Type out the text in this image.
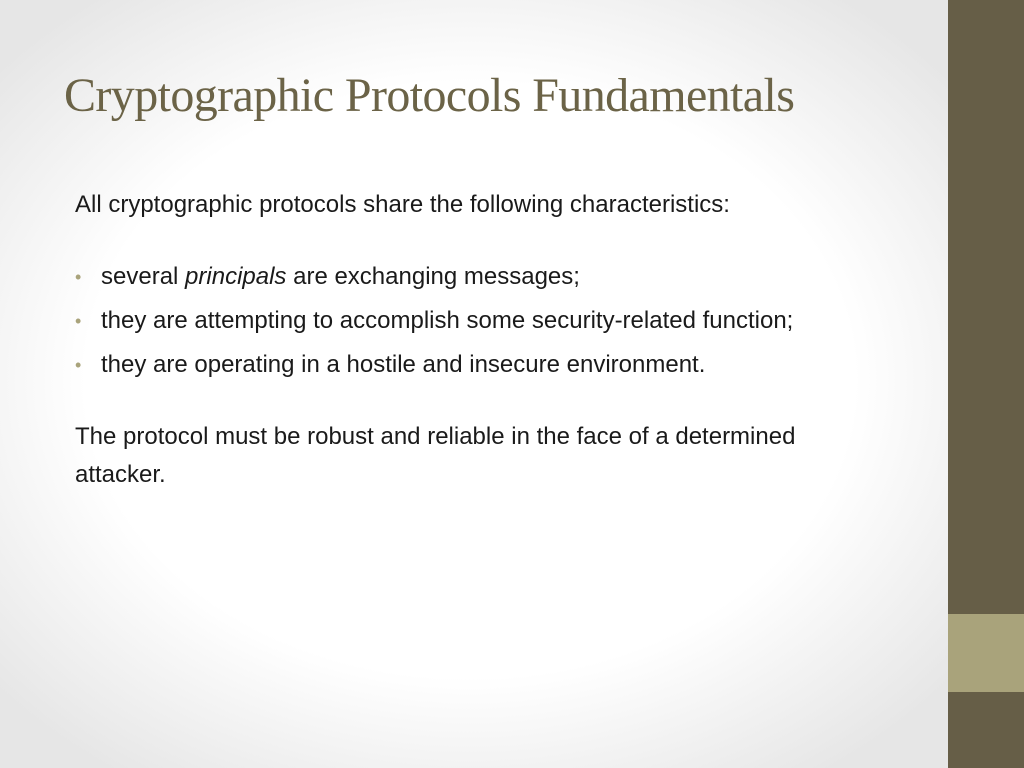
Cryptographic Protocols Fundamentals

All cryptographic protocols share the following characteristics:

• several principals are exchanging messages;
• they are attempting to accomplish some security-related function;
• they are operating in a hostile and insecure environment.

The protocol must be robust and reliable in the face of a determined attacker.
